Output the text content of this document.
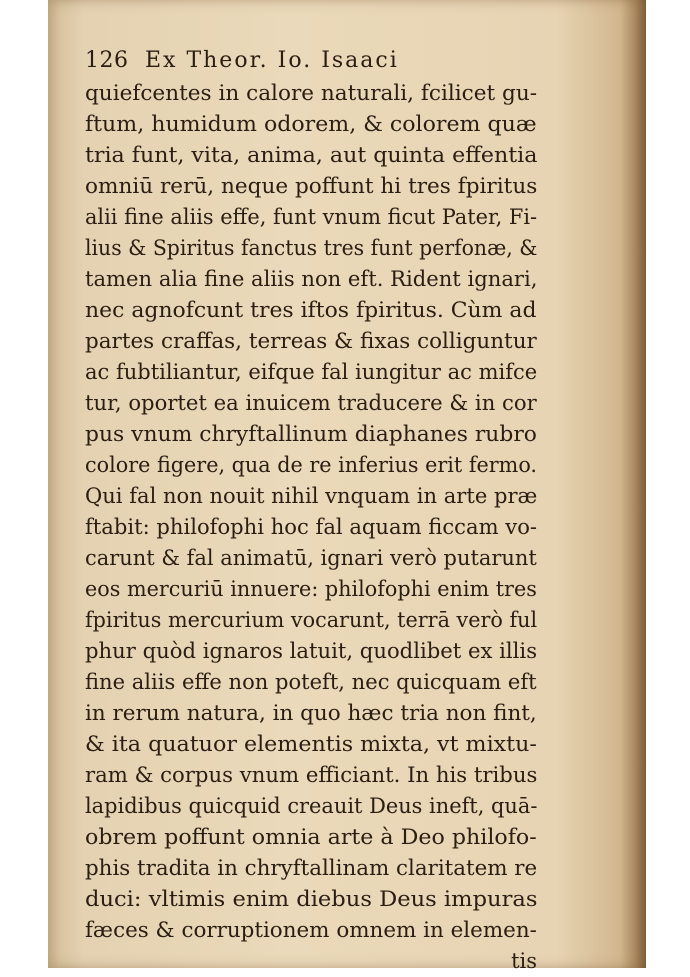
126 Ex Theor. Io. Isaaci
quiefcentes in calore naturali, fcilicet gu-
ftum, humidum odorem, & colorem quæ
tria funt, vita, anima, aut quinta effentia
omniū rerū, neque poffunt hi tres fpiritus
alii fine aliis effe, funt vnum ficut Pater, Fi-
lius & Spiritus fanctus tres funt perfonæ, &
tamen alia fine aliis non eft. Rident ignari,
nec agnofcunt tres iftos fpiritus. Cùm ad
partes craffas, terreas & fixas colliguntur
ac fubtiliantur, eifque fal iungitur ac mifce
tur, oportet ea inuicem traducere & in cor
pus vnum chryftallinum diaphanes rubro
colore figere, qua de re inferius erit fermo.
Qui fal non nouit nihil vnquam in arte præ
ftabit: philofophi hoc fal aquam ficcam vo-
carunt & fal animatū, ignari verò putarunt
eos mercuriū innuere: philofophi enim tres
fpiritus mercurium vocarunt, terrā verò ful
phur quòd ignaros latuit, quodlibet ex illis
fine aliis effe non poteft, nec quicquam eft
in rerum natura, in quo hæc tria non fint,
& ita quatuor elementis mixta, vt mixtu-
ram & corpus vnum efficiant. In his tribus
lapidibus quicquid creauit Deus ineft, quā-
obrem poffunt omnia arte à Deo philofo-
phis tradita in chryftallinam claritatem re
duci: vltimis enim diebus Deus impuras
fæces & corruptionem omnem in elemen-
tis
